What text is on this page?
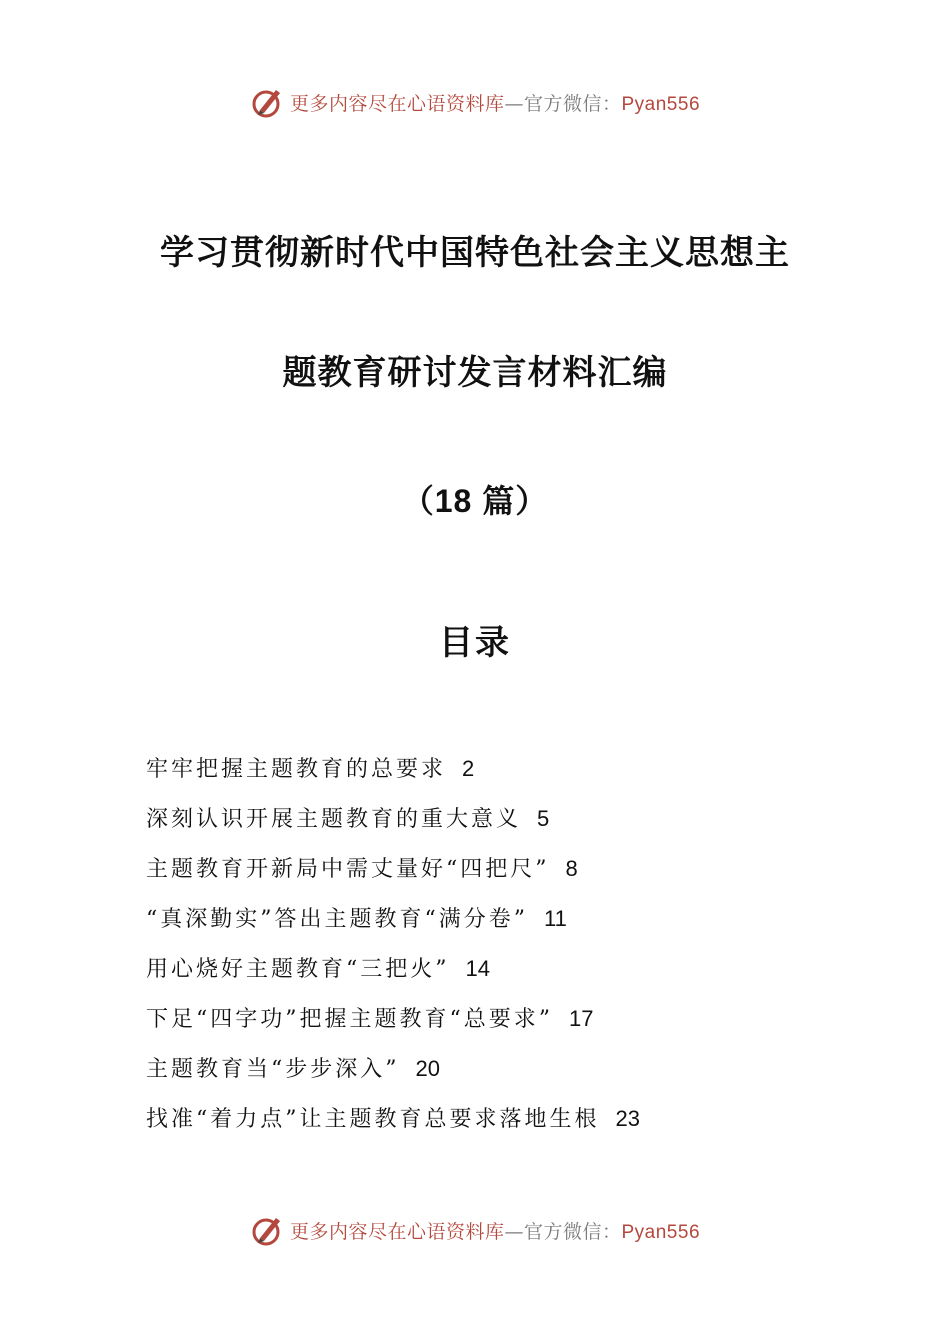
更多内容尽在心语资料库—官方微信：Pyan556
学习贯彻新时代中国特色社会主义思想主
题教育研讨发言材料汇编
（18 篇）
目录
牢牢把握主题教育的总要求 2
深刻认识开展主题教育的重大意义 5
主题教育开新局中需丈量好“四把尺” 8
“真深勤实”答出主题教育“满分卷” 11
用心烧好主题教育“三把火” 14
下足“四字功”把握主题教育“总要求” 17
主题教育当“步步深入” 20
找准“着力点”让主题教育总要求落地生根 23
更多内容尽在心语资料库—官方微信：Pyan556
